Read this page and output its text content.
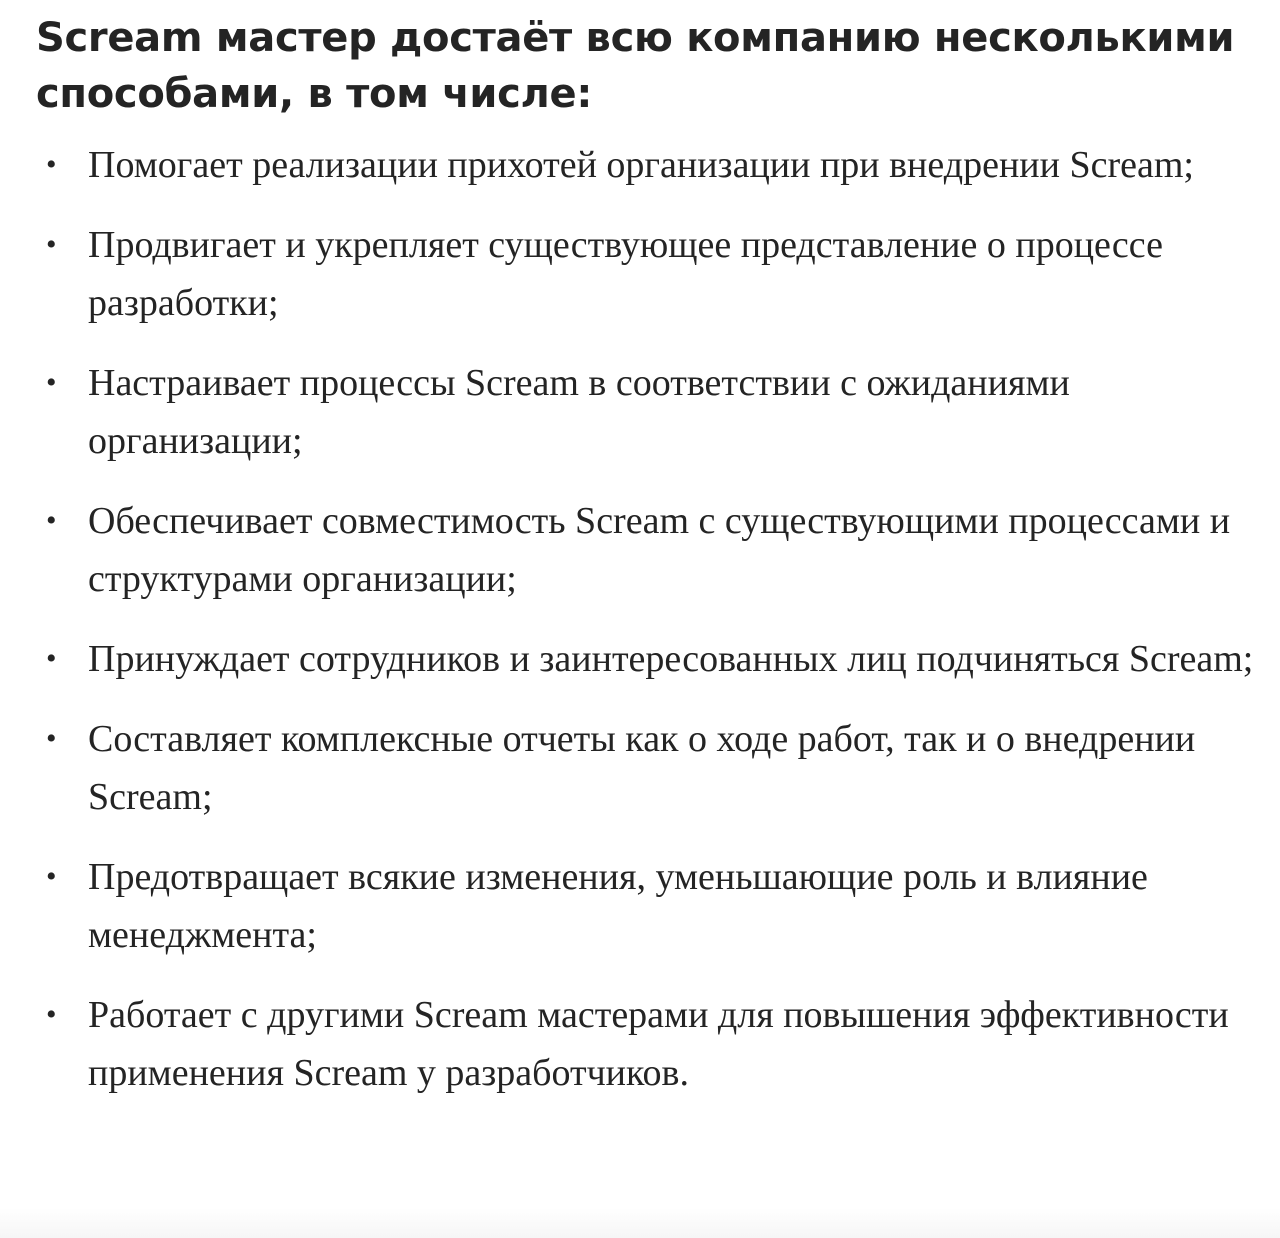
Scream мастер достаёт всю компанию несколькими способами, в том числе:
• Помогает реализации прихотей организации при внедрении Scream;
• Продвигает и укрепляет существующее представление о процессе разработки;
• Настраивает процессы Scream в соответствии с ожиданиями организации;
• Обеспечивает совместимость Scream с существующими процессами и структурами организации;
• Принуждает сотрудников и заинтересованных лиц подчиняться Scream;
• Составляет комплексные отчеты как о ходе работ, так и о внедрении Scream;
• Предотвращает всякие изменения, уменьшающие роль и влияние менеджмента;
• Работает с другими Scream мастерами для повышения эффективности применения Scream у разработчиков.
